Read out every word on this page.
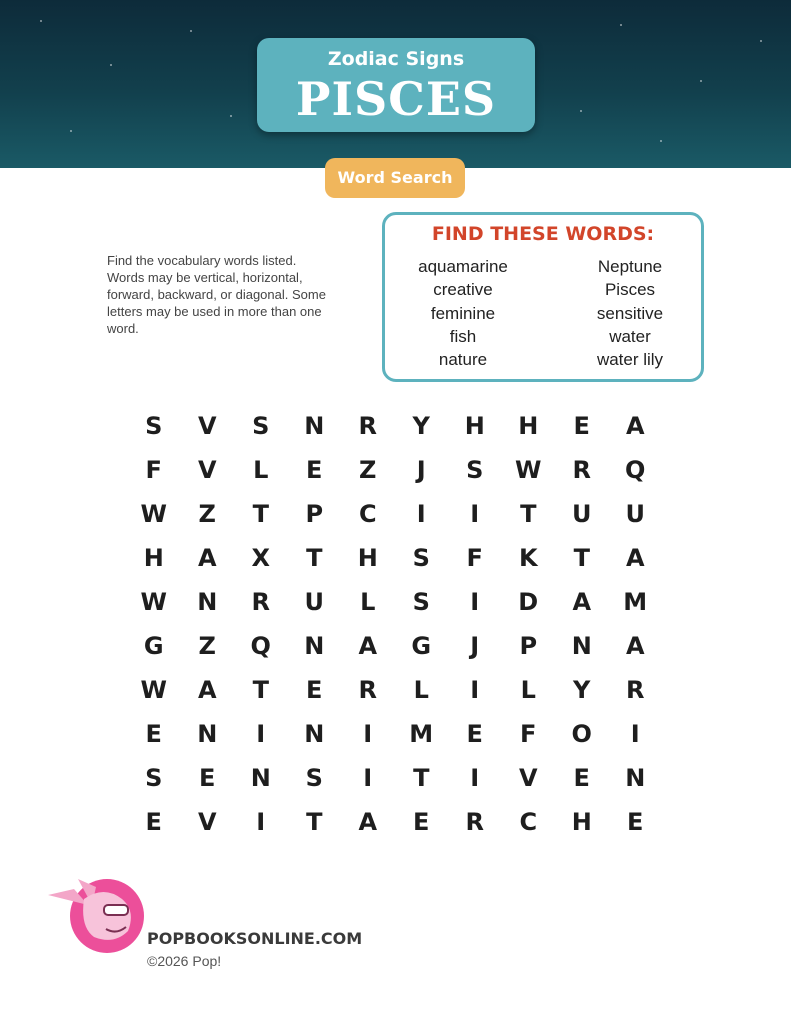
Zodiac Signs
PISCES
Word Search
Find the vocabulary words listed. Words may be vertical, horizontal, forward, backward, or diagonal. Some letters may be used in more than one word.
FIND THESE WORDS:
aquamarine
creative
feminine
fish
nature
Neptune
Pisces
sensitive
water
water lily
S	V	S	N	R	Y	H	H	E	A
F	V	L	E	Z	J	S	W	R	Q
W	Z	T	P	C	I	I	T	U	U
H	A	X	T	H	S	F	K	T	A
W	N	R	U	L	S	I	D	A	M
G	Z	Q	N	A	G	J	P	N	A
W	A	T	E	R	L	I	L	Y	R
E	N	I	N	I	M	E	F	O	I
S	E	N	S	I	T	I	V	E	N
E	V	I	T	A	E	R	C	H	E
POPBOOKSONLINE.COM
©2026 Pop!
